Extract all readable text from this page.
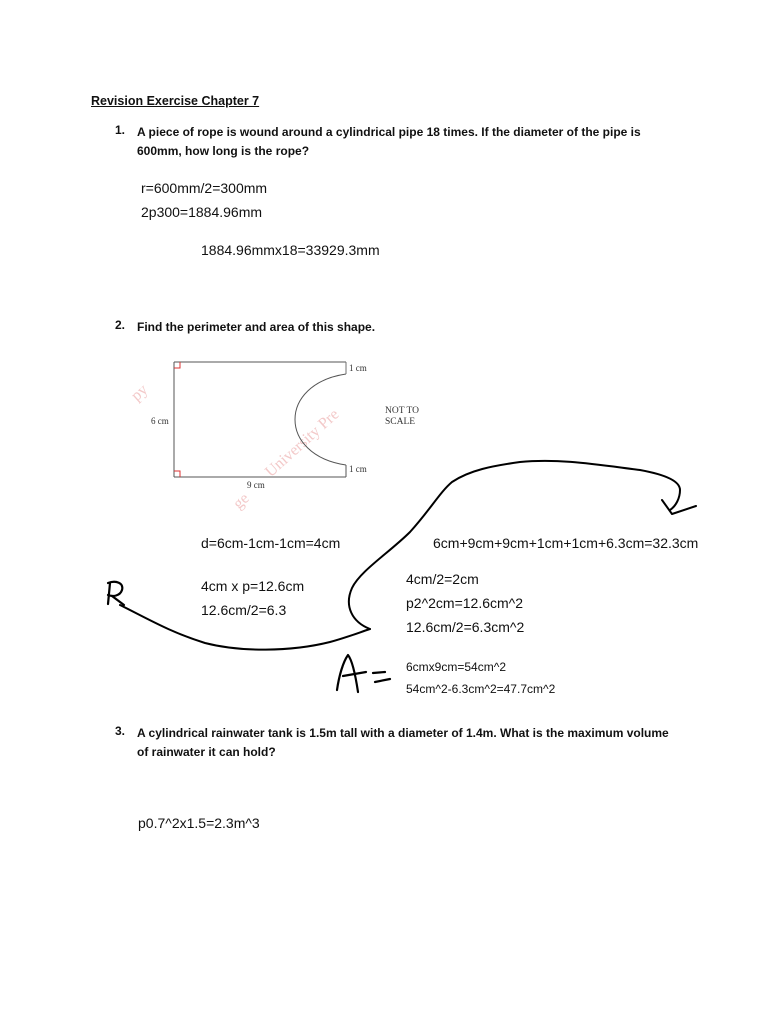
Revision Exercise Chapter 7
1. A piece of rope is wound around a cylindrical pipe 18 times. If the diameter of the pipe is 600mm, how long is the rope?
r=600mm/2=300mm
2p300=1884.96mm
1884.96mmx18=33929.3mm
2. Find the perimeter and area of this shape.
py
University Pre
ge
6 cm
9 cm
1 cm
1 cm
NOT TO
SCALE
d=6cm-1cm-1cm=4cm	6cm+9cm+9cm+1cm+1cm+6.3cm=32.3cm
4cm x p=12.6cm
12.6cm/2=6.3
4cm/2=2cm
p2^2cm=12.6cm^2
12.6cm/2=6.3cm^2
6cmx9cm=54cm^2
54cm^2-6.3cm^2=47.7cm^2
3. A cylindrical rainwater tank is 1.5m tall with a diameter of 1.4m. What is the maximum volume of rainwater it can hold?
p0.7^2x1.5=2.3m^3
